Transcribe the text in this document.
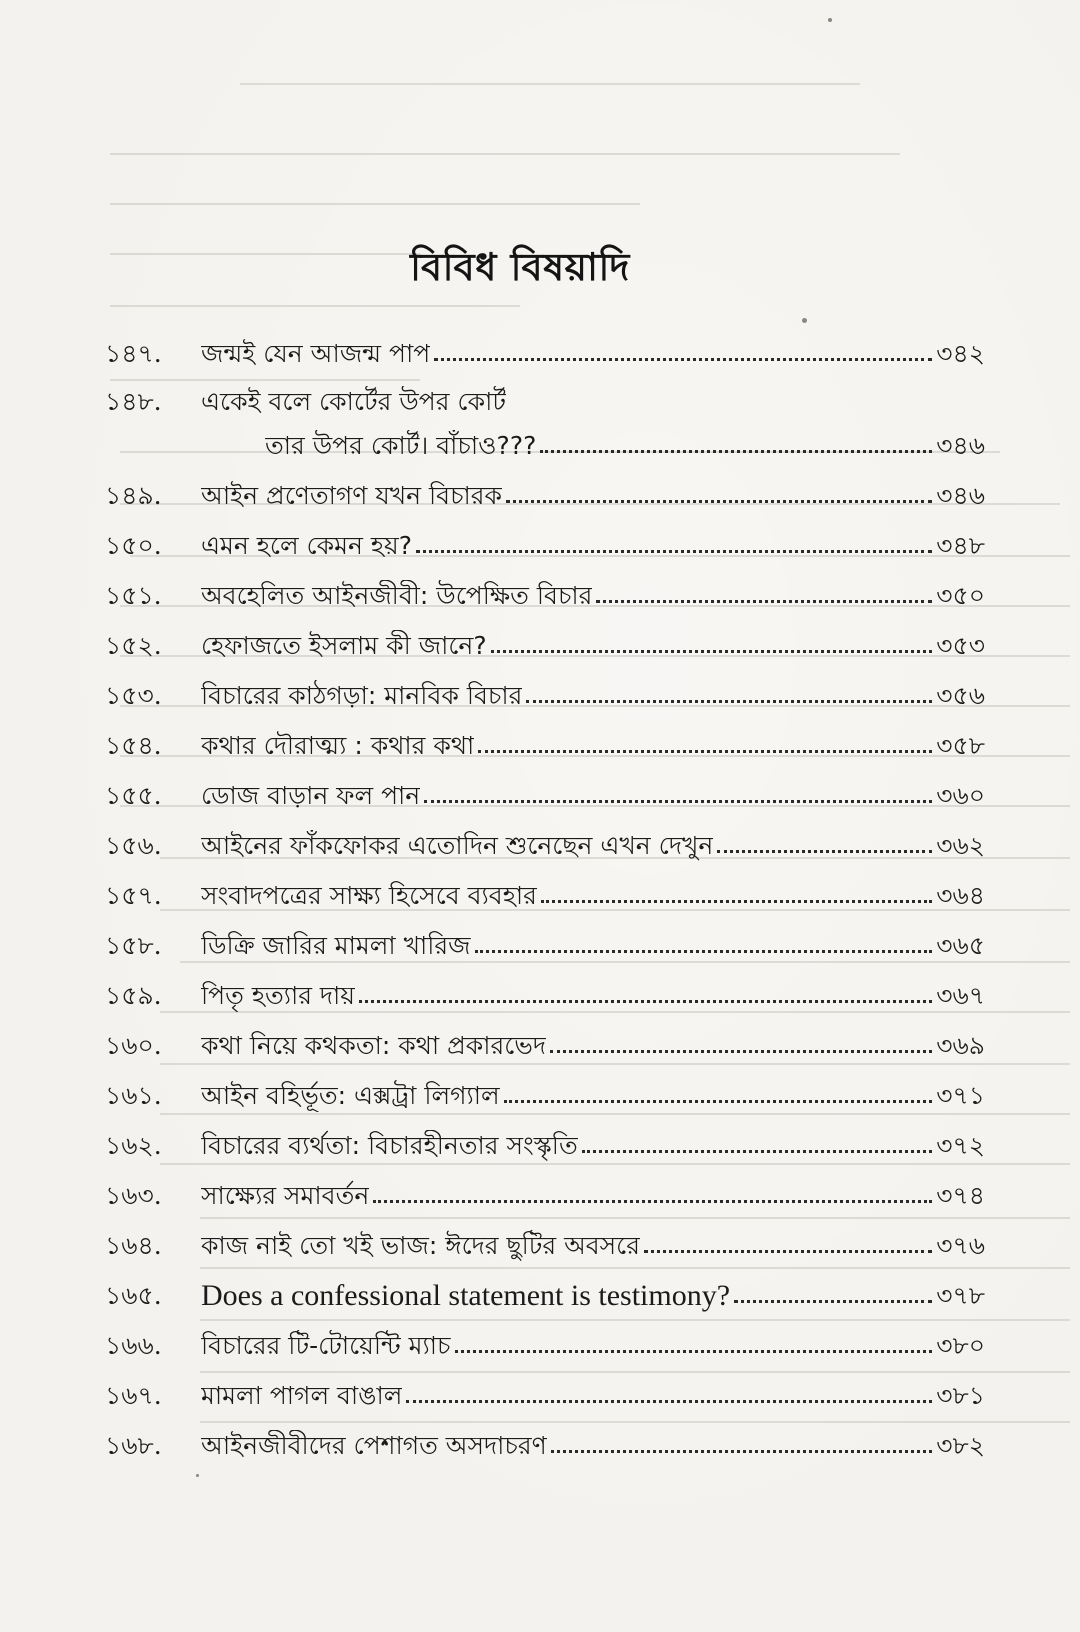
বিবিধ বিষয়াদি
১৪৭.	জন্মই যেন আজন্ম পাপ	৩৪২
১৪৮.	একেই বলে কোর্টের উপর কোর্ট
তার উপর কোর্ট। বাঁচাও???	৩৪৬
১৪৯.	আইন প্রণেতাগণ যখন বিচারক	৩৪৬
১৫০.	এমন হলে কেমন হয়?	৩৪৮
১৫১.	অবহেলিত আইনজীবী: উপেক্ষিত বিচার	৩৫০
১৫২.	হেফাজতে ইসলাম কী জানে?	৩৫৩
১৫৩.	বিচারের কাঠগড়া: মানবিক বিচার	৩৫৬
১৫৪.	কথার দৌরাত্ম্য : কথার কথা	৩৫৮
১৫৫.	ডোজ বাড়ান ফল পান	৩৬০
১৫৬.	আইনের ফাঁকফোকর এতোদিন শুনেছেন এখন দেখুন	৩৬২
১৫৭.	সংবাদপত্রের সাক্ষ্য হিসেবে ব্যবহার	৩৬৪
১৫৮.	ডিক্রি জারির মামলা খারিজ	৩৬৫
১৫৯.	পিতৃ হত্যার দায়	৩৬৭
১৬০.	কথা নিয়ে কথকতা: কথা প্রকারভেদ	৩৬৯
১৬১.	আইন বহির্ভূত: এক্সট্রা লিগ্যাল	৩৭১
১৬২.	বিচারের ব্যর্থতা: বিচারহীনতার সংস্কৃতি	৩৭২
১৬৩.	সাক্ষ্যের সমাবর্তন	৩৭৪
১৬৪.	কাজ নাই তো খই ভাজ: ঈদের ছুটির অবসরে	৩৭৬
১৬৫.	Does a confessional statement is testimony?	৩৭৮
১৬৬.	বিচারের টি-টোয়েন্টি ম্যাচ	৩৮০
১৬৭.	মামলা পাগল বাঙাল	৩৮১
১৬৮.	আইনজীবীদের পেশাগত অসদাচরণ	৩৮২
